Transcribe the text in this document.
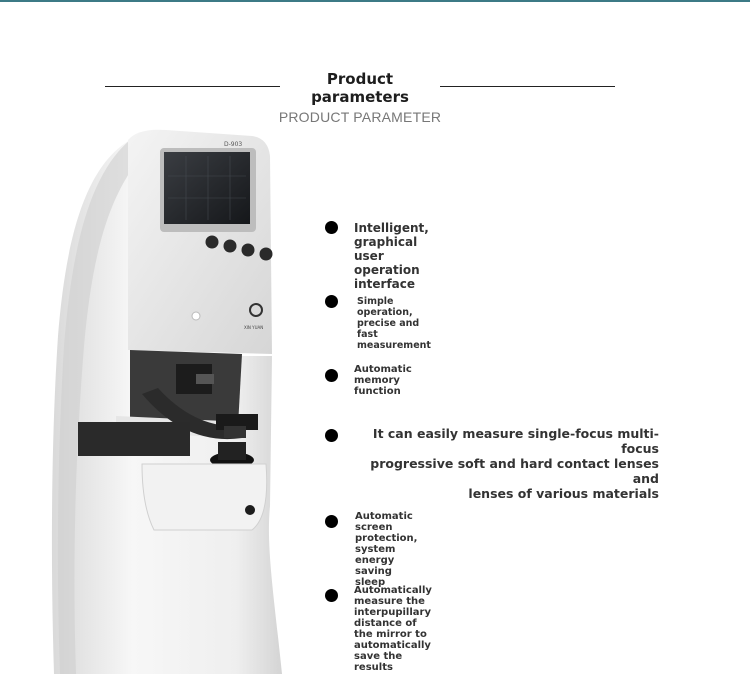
Product
parameters
PRODUCT PARAMETER
D-903
XIN YUAN
Intelligent, graphical user operation interface
Simple operation, precise and fast measurement
Automatic memory
function
It can easily measure single-focus multi-focus
progressive soft and hard contact lenses and
lenses of various materials
Automatic screen protection, system energy saving
sleep
Automatically measure the interpupillary distance of the mirror to
automatically save the results
